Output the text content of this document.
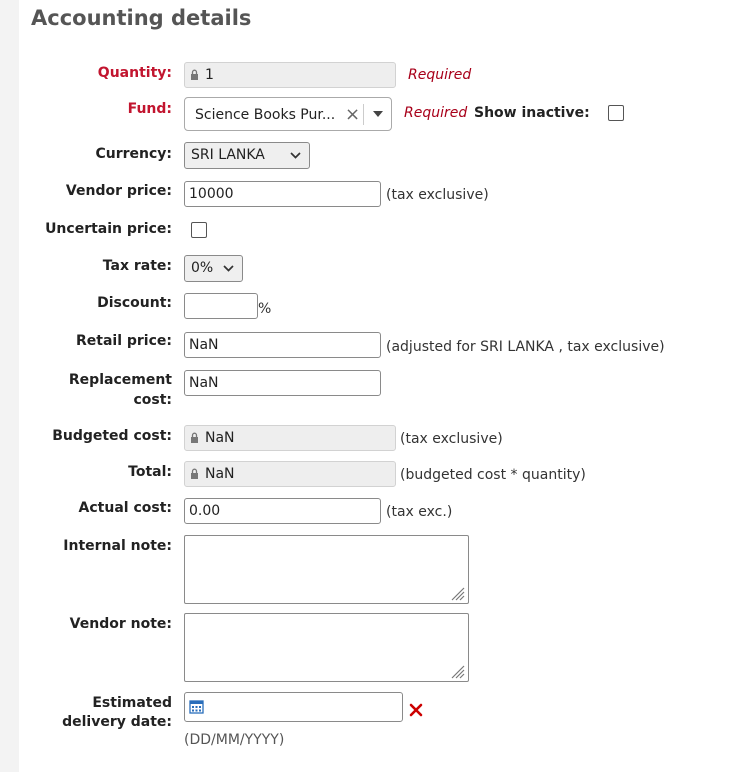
Accounting details
Quantity:	1	Required
Fund: Science Books Pur... ×	Required Show inactive:
Currency:	SRI LANKA
Vendor price:	10000	(tax exclusive)
Uncertain price:
Tax rate:	0%
Discount:	%
Retail price:	NaN	(adjusted for SRI LANKA , tax exclusive)
Replacement
cost:
NaN
Budgeted cost:	NaN	(tax exclusive)
Total:	NaN	(budgeted cost * quantity)
Actual cost:	0.00	(tax exc.)
Internal note:
Vendor note:
Estimated
delivery date:
(DD/MM/YYYY)
